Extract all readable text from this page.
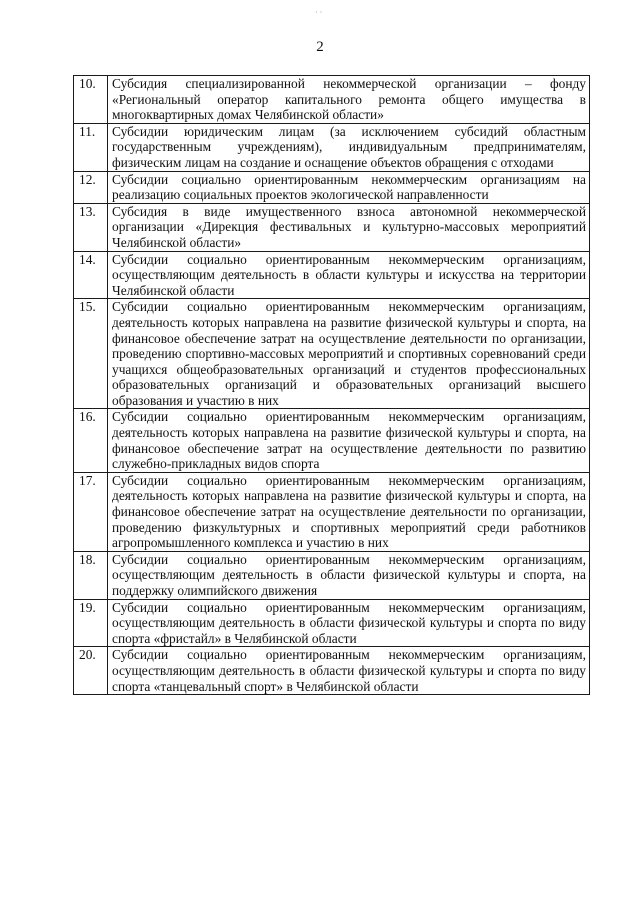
· ·
2
10.	Субсидия специализированной некоммерческой организации – фонду «Региональный оператор капитального ремонта общего имущества в многоквартирных домах Челябинской области»
11.	Субсидии юридическим лицам (за исключением субсидий областным государственным учреждениям), индивидуальным предпринимателям, физическим лицам на создание и оснащение объектов обращения с отходами
12.	Субсидии социально ориентированным некоммерческим организациям на реализацию социальных проектов экологической направленности
13.	Субсидия в виде имущественного взноса автономной некоммерческой организации «Дирекция фестивальных и культурно-массовых мероприятий Челябинской области»
14.	Субсидии социально ориентированным некоммерческим организациям, осуществляющим деятельность в области культуры и искусства на территории Челябинской области
15.	Субсидии социально ориентированным некоммерческим организациям, деятельность которых направлена на развитие физической культуры и спорта, на финансовое обеспечение затрат на осуществление деятельности по организации, проведению спортивно-массовых мероприятий и спортивных соревнований среди учащихся общеобразовательных организаций и студентов профессиональных образовательных организаций и образовательных организаций высшего образования и участию в них
16.	Субсидии социально ориентированным некоммерческим организациям, деятельность которых направлена на развитие физической культуры и спорта, на финансовое обеспечение затрат на осуществление деятельности по развитию служебно-прикладных видов спорта
17.	Субсидии социально ориентированным некоммерческим организациям, деятельность которых направлена на развитие физической культуры и спорта, на финансовое обеспечение затрат на осуществление деятельности по организации, проведению физкультурных и спортивных мероприятий среди работников агропромышленного комплекса и участию в них
18.	Субсидии социально ориентированным некоммерческим организациям, осуществляющим деятельность в области физической культуры и спорта, на поддержку олимпийского движения
19.	Субсидии социально ориентированным некоммерческим организациям, осуществляющим деятельность в области физической культуры и спорта по виду спорта «фристайл» в Челябинской области
20.	Субсидии социально ориентированным некоммерческим организациям, осуществляющим деятельность в области физической культуры и спорта по виду спорта «танцевальный спорт» в Челябинской области
